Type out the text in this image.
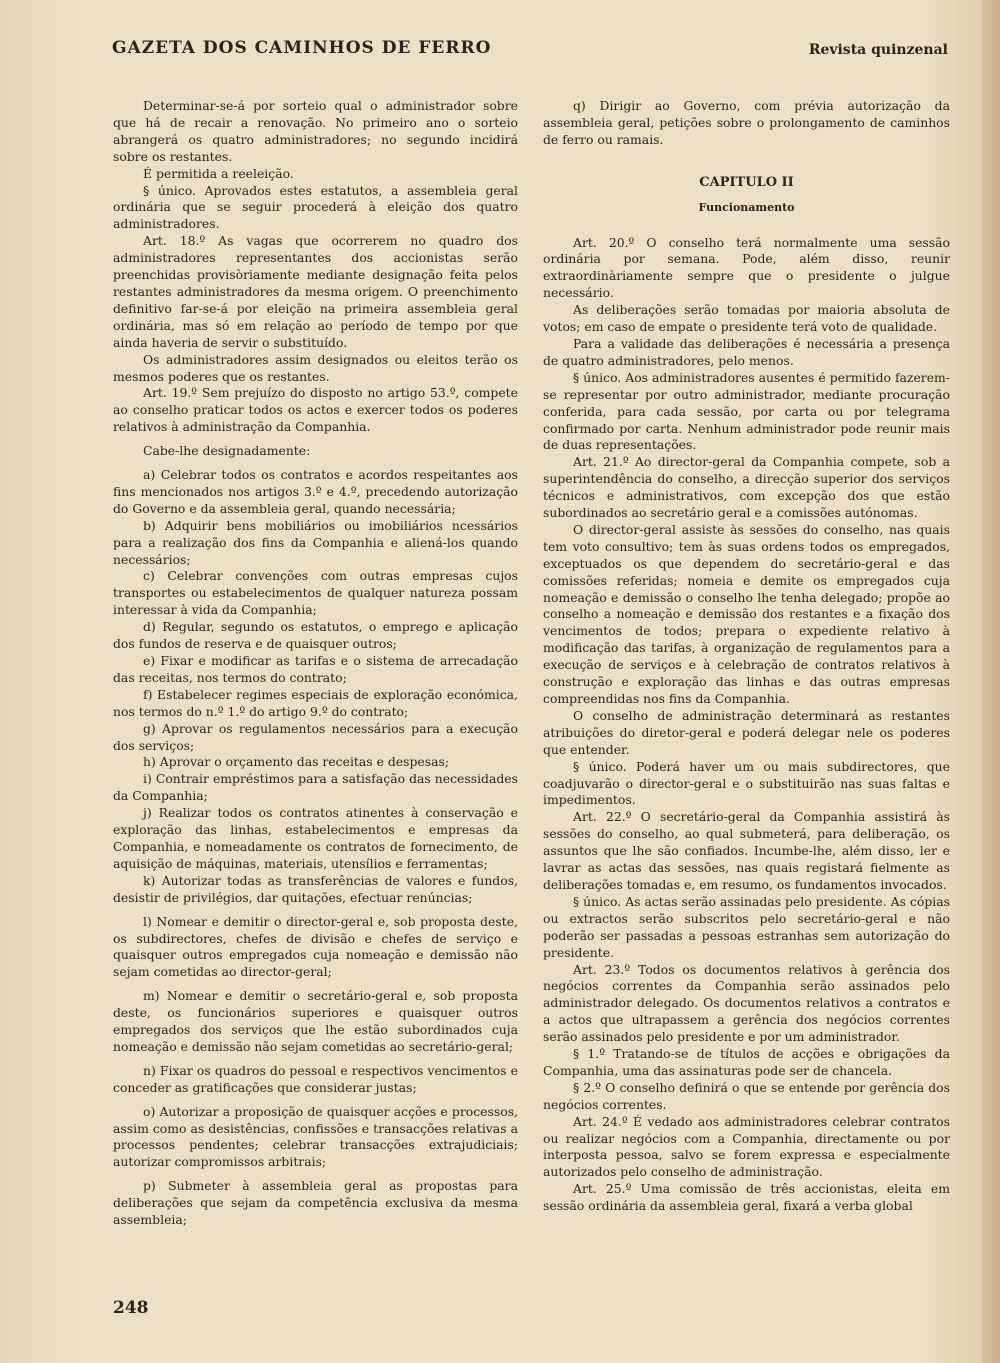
GAZETA DOS CAMINHOS DE FERRO	Revista quinzenal

Determinar-se-á por sorteio qual o administrador sobre que há de recair a renovação. No primeiro ano o sorteio abrangerá os quatro administradores; no segundo incidirá sobre os restantes.

É permitida a reeleição.

§ único. Aprovados estes estatutos, a assembleia geral ordinária que se seguir procederá à eleição dos quatro administradores.

Art. 18.º As vagas que ocorrerem no quadro dos administradores representantes dos accionistas serão preenchidas provisòriamente mediante designação feita pelos restantes administradores da mesma origem. O preenchimento definitivo far-se-á por eleição na primeira assembleia geral ordinária, mas só em relação ao período de tempo por que ainda haveria de servir o substituído.

Os administradores assim designados ou eleitos terão os mesmos poderes que os restantes.

Art. 19.º Sem prejuízo do disposto no artigo 53.º, compete ao conselho praticar todos os actos e exercer todos os poderes relativos à administração da Companhia.

Cabe-lhe designadamente:

a) Celebrar todos os contratos e acordos respeitantes aos fins mencionados nos artigos 3.º e 4.º, precedendo autorização do Governo e da assembleia geral, quando necessária;

b) Adquirir bens mobiliários ou imobiliários ncessários para a realização dos fins da Companhia e aliená-los quando necessários;

c) Celebrar convenções com outras empresas cujos transportes ou estabelecimentos de qualquer natureza possam interessar à vida da Companhia;

d) Regular, segundo os estatutos, o emprego e aplicação dos fundos de reserva e de quaisquer outros;

e) Fixar e modificar as tarifas e o sistema de arrecadação das receitas, nos termos do contrato;

f) Estabelecer regimes especiais de exploração económica, nos termos do n.º 1.º do artigo 9.º do contrato;

g) Aprovar os regulamentos necessários para a execução dos serviços;

h) Aprovar o orçamento das receitas e despesas;

i) Contrair empréstimos para a satisfação das necessidades da Companhia;

j) Realizar todos os contratos atinentes à conservação e exploração das linhas, estabelecimentos e empresas da Companhia, e nomeadamente os contratos de fornecimento, de aquisição de máquinas, materiais, utensílios e ferramentas;

k) Autorizar todas as transferências de valores e fundos, desistir de privilégios, dar quitações, efectuar renúncias;

l) Nomear e demitir o director-geral e, sob proposta deste, os subdirectores, chefes de divisão e chefes de serviço e quaisquer outros empregados cuja nomeação e demissão não sejam cometidas ao director-geral;

m) Nomear e demitir o secretário-geral e, sob proposta deste, os funcionários superiores e quaisquer outros empregados dos serviços que lhe estão subordinados cuja nomeação e demissão não sejam cometidas ao secretário-geral;

n) Fixar os quadros do pessoal e respectivos vencimentos e conceder as gratificações que considerar justas;

o) Autorizar a proposição de quaisquer acções e processos, assim como as desistências, confissões e transacções relativas a processos pendentes; celebrar transacções extrajudiciais; autorizar compromissos arbitrais;

p) Submeter à assembleia geral as propostas para deliberações que sejam da competência exclusiva da mesma assembleia;

q) Dirigir ao Governo, com prévia autorização da assembleia geral, petições sobre o prolongamento de caminhos de ferro ou ramais.

CAPITULO II
Funcionamento

Art. 20.º O conselho terá normalmente uma sessão ordinária por semana. Pode, além disso, reunir extraordinàriamente sempre que o presidente o julgue necessário.

As deliberações serão tomadas por maioria absoluta de votos; em caso de empate o presidente terá voto de qualidade.

Para a validade das deliberações é necessária a presença de quatro administradores, pelo menos.

§ único. Aos administradores ausentes é permitido fazerem-se representar por outro administrador, mediante procuração conferida, para cada sessão, por carta ou por telegrama confirmado por carta. Nenhum administrador pode reunir mais de duas representações.

Art. 21.º Ao director-geral da Companhia compete, sob a superintendência do conselho, a direcção superior dos serviços técnicos e administrativos, com excepção dos que estão subordinados ao secretário geral e a comissões autónomas.

O director-geral assiste às sessões do conselho, nas quais tem voto consultivo; tem às suas ordens todos os empregados, exceptuados os que dependem do secretário-geral e das comissões referidas; nomeia e demite os empregados cuja nomeação e demissão o conselho lhe tenha delegado; propõe ao conselho a nomeação e demissão dos restantes e a fixação dos vencimentos de todos; prepara o expediente relativo à modificação das tarifas, à organização de regulamentos para a execução de serviços e à celebração de contratos relativos à construção e exploração das linhas e das outras empresas compreendidas nos fins da Companhia.

O conselho de administração determinará as restantes atribuições do diretor-geral e poderá delegar nele os poderes que entender.

§ único. Poderá haver um ou mais subdirectores, que coadjuvarão o director-geral e o substituirão nas suas faltas e impedimentos.

Art. 22.º O secretário-geral da Companhia assistirá às sessões do conselho, ao qual submeterá, para deliberação, os assuntos que lhe são confiados. Incumbe-lhe, além disso, ler e lavrar as actas das sessões, nas quais registará fielmente as deliberações tomadas e, em resumo, os fundamentos invocados.

§ único. As actas serão assinadas pelo presidente. As cópias ou extractos serão subscritos pelo secretário-geral e não poderão ser passadas a pessoas estranhas sem autorização do presidente.

Art. 23.º Todos os documentos relativos à gerência dos negócios correntes da Companhia serão assinados pelo administrador delegado. Os documentos relativos a contratos e a actos que ultrapassem a gerência dos negócios correntes serão assinados pelo presidente e por um administrador.

§ 1.º Tratando-se de títulos de acções e obrigações da Companhia, uma das assinaturas pode ser de chancela.

§ 2.º O conselho definirá o que se entende por gerência dos negócios correntes.

Art. 24.º É vedado aos administradores celebrar contratos ou realizar negócios com a Companhia, directamente ou por interposta pessoa, salvo se forem expressa e especialmente autorizados pelo conselho de administração.

Art. 25.º Uma comissão de três accionistas, eleita em sessão ordinária da assembleia geral, fixará a verba global

248
